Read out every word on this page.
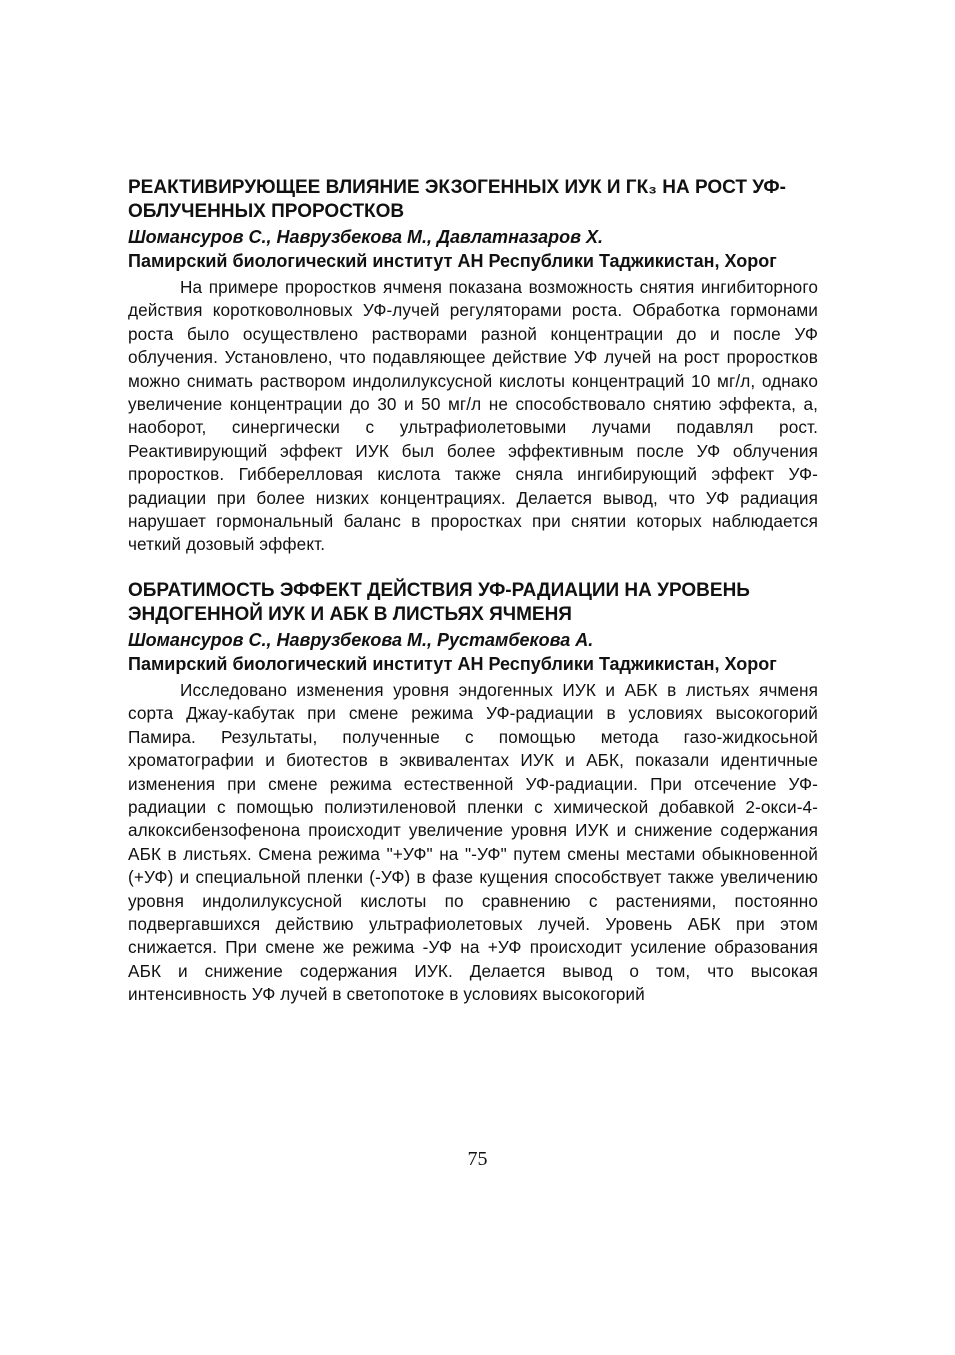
РЕАКТИВИРУЮЩЕЕ ВЛИЯНИЕ ЭКЗОГЕННЫХ ИУК И ГК₃ НА РОСТ УФ-ОБЛУЧЕННЫХ ПРОРОСТКОВ

Шомансуров С., Наврузбекова М., Давлатназаров Х.

Памирский биологический институт АН Республики Таджикистан, Хорог

На примере проростков ячменя показана возможность снятия ингибиторного действия коротковолновых УФ-лучей регуляторами роста. Обработка гормонами роста было осуществлено растворами разной концентрации до и после УФ облучения. Установлено, что подавляющее действие УФ лучей на рост проростков можно снимать раствором индолилуксусной кислоты концентраций 10 мг/л, однако увеличение концентрации до 30 и 50 мг/л не способствовало снятию эффекта, а, наоборот, синергически с ультрафиолетовыми лучами подавлял рост. Реактивирующий эффект ИУК был более эффективным после УФ облучения проростков. Гибберелловая кислота также сняла ингибирующий эффект УФ-радиации при более низких концентрациях. Делается вывод, что УФ радиация нарушает гормональный баланс в проростках при снятии которых наблюдается четкий дозовый эффект.

ОБРАТИМОСТЬ ЭФФЕКТ ДЕЙСТВИЯ УФ-РАДИАЦИИ НА УРОВЕНЬ ЭНДОГЕННОЙ ИУК И АБК В ЛИСТЬЯХ ЯЧМЕНЯ

Шомансуров С., Наврузбекова М., Рустамбекова А.

Памирский биологический институт АН Республики Таджикистан, Хорог

Исследовано изменения уровня эндогенных ИУК и АБК в листьях ячменя сорта Джау-кабутак при смене режима УФ-радиации в условиях высокогорий Памира. Результаты, полученные с помощью метода газо-жидкосьной хроматографии и биотестов в эквивалентах ИУК и АБК, показали идентичные изменения при смене режима естественной УФ-радиации. При отсечение УФ-радиации с помощью полиэтиленовой пленки с химической добавкой 2-окси-4-алкоксибензофенона происходит увеличение уровня ИУК и снижение содержания АБК в листьях. Смена режима "+УФ" на "-УФ" путем смены местами обыкновенной (+УФ) и специальной пленки (-УФ) в фазе кущения способствует также увеличению уровня индолилуксусной кислоты по сравнению с растениями, постоянно подвергавшихся действию ультрафиолетовых лучей. Уровень АБК при этом снижается. При смене же режима -УФ на +УФ происходит усиление образования АБК и снижение содержания ИУК. Делается вывод о том, что высокая интенсивность УФ лучей в светопотоке в условиях высокогорий

75
